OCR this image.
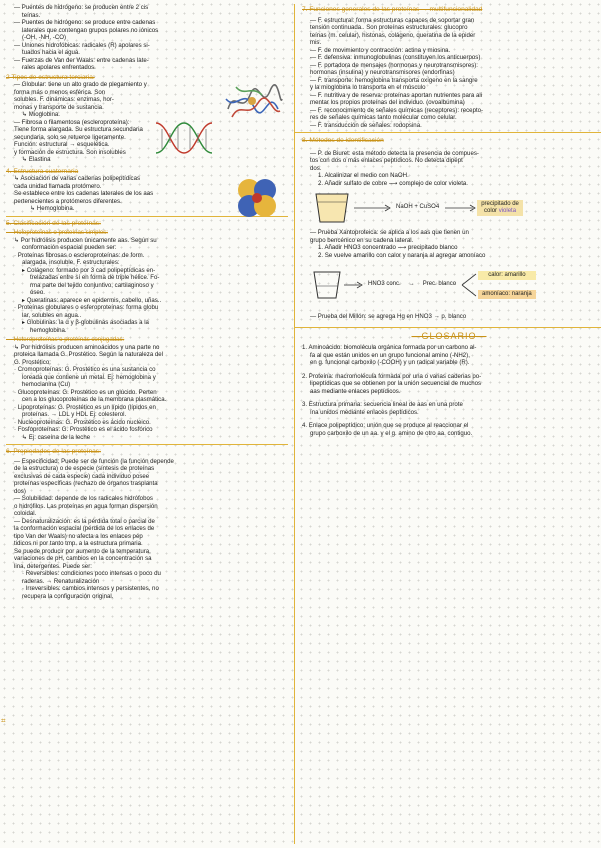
⌗

— Puentes de hidrógeno: se producen entre 2 cis

teínas.

— Puentes de hidrógeno: se produce entre cadenas

laterales que contengan grupos polares no iónicos

(-OH, -NH, -CO)

— Uniones hidrofóbicas: radicales (R) apolares si-

tuados hacia el agua.

— Fuerzas de Van der Waals: entre cadenas late-

rales apolares enfrentados.

2 Tipos de estructura terciaria:

— Globular: tiene un alto grado de plegamiento y

forma más o menos esférica. Son

solubles. F. dinámicas: enzimas, hor-

monas y transporte de sustancia.

↳ Mioglobina.

— Fibrosa o filamentosa (escleroproteína):

Tiene forma alargada. Su estructura secundaria

secundaria, solo se retuerce ligeramente.

Función: estructural → esquelética.

y formación de estructura. Son insolubles

↳ Elastina

4. Estructura cuaternaria

↳ Asociación de varias cadenas polipeptídicas

cada unidad llamada protómero.

Se establece entre los cadenas laterales de los aas

pertenecientes a protómeros diferentes.

↳ Hemoglobina.

5. Clasificación de las proteínas:

— Holoproteínas o proteínas simples:

↳ Por hidrólisis producen únicamente aas. Según su

conformación espacial pueden ser:

· Proteínas fibrosas o escleroproteínas: de form.

alargada, insoluble, F. estructurales:

▸ Colágeno: formado por 3 cad polipeptídicas en-

trelazadas entre sí en forma de triple hélice. Fo-

rma parte del tejido conjuntivo, cartilaginoso y

óseo.

▸ Queratinas: aparece en epidermis, cabello, uñas..

· Proteínas globulares o esferoproteínas: forma globu

lar, solubles en agua..

▸ Globulinas: la α y β-globulinas asociadas a la

hemoglobina.

— Heteroproteínas o proteínas conjugadas:

↳ Por hidrólisis producen aminoácidos y una parte no

proteica llamada G. Prostético. Según la naturaleza del

G. Prostético:

· Cromoproteínas: G. Prostético es una sustancia co

loreada que contiene un metal. Ej: hemoglobina y

hemocianina (Cu)

· Glucoproteínas: G. Prostético es un glúcido. Perten

cen a los glucoproteínas de la membrana plasmática.

· Lipoproteínas: G. Prostético es un lípido (lípidos en

proteínas. → LDL y HDL Ej: colesterol.

· Nucleoproteínas: G. Prostético es ácido nucleico.

· Fosfoproteínas: G. Prostético es el ácido fosfórico

↳ Ej: caseína de la leche

6. Propiedades de las proteínas:

— Especificidad: Puede ser de función (la función depende

de la estructura) o de especie (síntesis de proteínas

exclusivas de cada especie) cada individuo posee

proteínas específicas (rechazo de órganos trasplanta

dos)

— Solubilidad: depende de los radicales hidrófobos

o hidrófilos. Las proteínas en agua forman dispersión

coloidal.

— Desnaturalización: es la pérdida total o parcial de

la conformación espacial (pérdida de los enlaces de

tipo Van der Waals) no afecta a los enlaces pép

tidicos ni por tanto tmp. a la estructura primaria.

Se puede producir por aumento de la temperatura,

variaciones de pH, cambios en la concentración sa

lina, detergentes. Puede ser:

· Reversibles: condiciones poco intensas o poco du

raderas. → Renaturalización

· Irreversibles: cambios intensos y persistentes, no

recupera la configuración original.

7. Funciones generales de las proteínas → multifuncionalidad

— F. estructural: forma estructuras capaces de soportar gran

tensión continuada.. Son proteínas estructurales: glucopro

teínas (m. celular), histonas, colágeno, queratina de la epider

mis.

— F. de movimiento y contracción: actina y miosina.

— F. defensiva: inmunoglobulinas (constituyen los anticuerpos)

— F. portadora de mensajes (hormonas y neurotransmisores):

hormonas (insulina) y neurotransmisores (endorfinas)

— F. transporte: hemoglobina transporta oxígeno en la sangre

y la mioglobina lo transporta en el músculo

— F. nutritiva y de reserva: proteínas aportan nutrientes para ali

mentar los propios proteínas del individuo. (ovoalbúmina)

— F. reconocimiento de señales químicas (receptores): recepto-

res de señales químicas tanto molécular como celular.

— F. transducción de señales: rodopsina.

8. Métodos de identificación

— P. de Biuret: esta método detecta la presencia de compues-

tos con dos o más enlaces peptídicos. No detecta dipépt

dos.

1. Alcalinizar el medio con NaOH.

2. Añadir sulfato de cobre ⟶ complejo de color violeta.

NaOH + CuSO4
precipitado de
color violeta

— Prueba Xantoproteica: se aplica a los aas que tienen un

grupo bencénico en su cadena lateral.

1. Añadir HNO3 concentrado ⟶ precipitado blanco

2. Se vuelve amarillo con calor y naranja al agregar amoníaco

HNO3 conc. → Prec. blanco
calor: amarillo
amoníaco: naranja

— Prueba del Millón: se agrega Hg en HNO3 → p. blanco

—GLOSARIO—

1. Aminoácido: biomolécula orgánica formada por un carbono al-

fa al que están unidos en un grupo funcional amino (-NH2),

en g. funcional carboxilo (-COOH) y un radical variable (R).

2. Proteína: macromolécula formada por una o varias cadenas po-

lipeptídicas que se obtienen por la unión secuencial de muchos

aas mediante enlaces peptídicos.

3. Estructura primaria: secuencia lineal de aas en una prote

ína unidos mediante enlaces peptídicos.

4. Enlace polipeptídico: unión que se produce al reaccionar el

grupo carboxilo de un aa. y el g. amino de otro aa. contiguo.
